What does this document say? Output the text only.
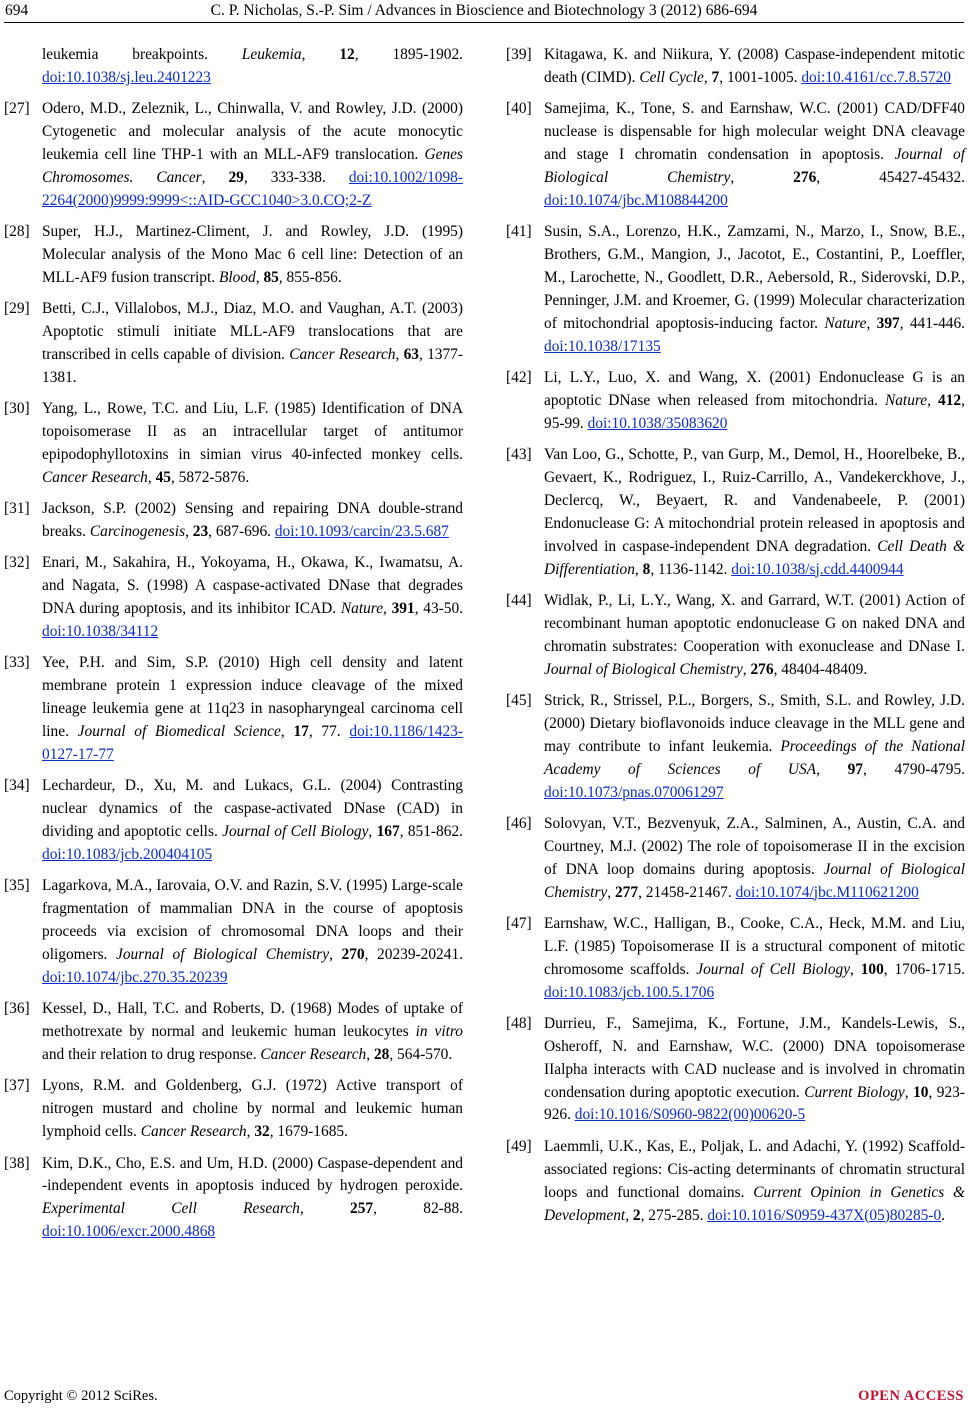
694	C. P. Nicholas, S.-P. Sim / Advances in Bioscience and Biotechnology 3 (2012) 686-694
leukemia breakpoints. Leukemia, 12, 1895-1902. doi:10.1038/sj.leu.2401223
[27] Odero, M.D., Zeleznik, L., Chinwalla, V. and Rowley, J.D. (2000) Cytogenetic and molecular analysis of the acute monocytic leukemia cell line THP-1 with an MLL-AF9 translocation. Genes Chromosomes. Cancer, 29, 333-338. doi:10.1002/1098-2264(2000)9999:9999<::AID-GCC1040>3.0.CO;2-Z
[28] Super, H.J., Martinez-Climent, J. and Rowley, J.D. (1995) Molecular analysis of the Mono Mac 6 cell line: Detection of an MLL-AF9 fusion transcript. Blood, 85, 855-856.
[29] Betti, C.J., Villalobos, M.J., Diaz, M.O. and Vaughan, A.T. (2003) Apoptotic stimuli initiate MLL-AF9 translocations that are transcribed in cells capable of division. Cancer Research, 63, 1377-1381.
[30] Yang, L., Rowe, T.C. and Liu, L.F. (1985) Identification of DNA topoisomerase II as an intracellular target of antitumor epipodophyllotoxins in simian virus 40-infected monkey cells. Cancer Research, 45, 5872-5876.
[31] Jackson, S.P. (2002) Sensing and repairing DNA double-strand breaks. Carcinogenesis, 23, 687-696. doi:10.1093/carcin/23.5.687
[32] Enari, M., Sakahira, H., Yokoyama, H., Okawa, K., Iwamatsu, A. and Nagata, S. (1998) A caspase-activated DNase that degrades DNA during apoptosis, and its inhibitor ICAD. Nature, 391, 43-50. doi:10.1038/34112
[33] Yee, P.H. and Sim, S.P. (2010) High cell density and latent membrane protein 1 expression induce cleavage of the mixed lineage leukemia gene at 11q23 in nasopharyngeal carcinoma cell line. Journal of Biomedical Science, 17, 77. doi:10.1186/1423-0127-17-77
[34] Lechardeur, D., Xu, M. and Lukacs, G.L. (2004) Contrasting nuclear dynamics of the caspase-activated DNase (CAD) in dividing and apoptotic cells. Journal of Cell Biology, 167, 851-862. doi:10.1083/jcb.200404105
[35] Lagarkova, M.A., Iarovaia, O.V. and Razin, S.V. (1995) Large-scale fragmentation of mammalian DNA in the course of apoptosis proceeds via excision of chromosomal DNA loops and their oligomers. Journal of Biological Chemistry, 270, 20239-20241. doi:10.1074/jbc.270.35.20239
[36] Kessel, D., Hall, T.C. and Roberts, D. (1968) Modes of uptake of methotrexate by normal and leukemic human leukocytes in vitro and their relation to drug response. Cancer Research, 28, 564-570.
[37] Lyons, R.M. and Goldenberg, G.J. (1972) Active transport of nitrogen mustard and choline by normal and leukemic human lymphoid cells. Cancer Research, 32, 1679-1685.
[38] Kim, D.K., Cho, E.S. and Um, H.D. (2000) Caspase-dependent and -independent events in apoptosis induced by hydrogen peroxide. Experimental Cell Research, 257, 82-88. doi:10.1006/excr.2000.4868
[39] Kitagawa, K. and Niikura, Y. (2008) Caspase-independent mitotic death (CIMD). Cell Cycle, 7, 1001-1005. doi:10.4161/cc.7.8.5720
[40] Samejima, K., Tone, S. and Earnshaw, W.C. (2001) CAD/DFF40 nuclease is dispensable for high molecular weight DNA cleavage and stage I chromatin condensation in apoptosis. Journal of Biological Chemistry, 276, 45427-45432. doi:10.1074/jbc.M108844200
[41] Susin, S.A., Lorenzo, H.K., Zamzami, N., Marzo, I., Snow, B.E., Brothers, G.M., Mangion, J., Jacotot, E., Costantini, P., Loeffler, M., Larochette, N., Goodlett, D.R., Aebersold, R., Siderovski, D.P., Penninger, J.M. and Kroemer, G. (1999) Molecular characterization of mitochondrial apoptosis-inducing factor. Nature, 397, 441-446. doi:10.1038/17135
[42] Li, L.Y., Luo, X. and Wang, X. (2001) Endonuclease G is an apoptotic DNase when released from mitochondria. Nature, 412, 95-99. doi:10.1038/35083620
[43] Van Loo, G., Schotte, P., van Gurp, M., Demol, H., Hoorelbeke, B., Gevaert, K., Rodriguez, I., Ruiz-Carrillo, A., Vandekerckhove, J., Declercq, W., Beyaert, R. and Vandenabeele, P. (2001) Endonuclease G: A mitochondrial protein released in apoptosis and involved in caspase-independent DNA degradation. Cell Death & Differentiation, 8, 1136-1142. doi:10.1038/sj.cdd.4400944
[44] Widlak, P., Li, L.Y., Wang, X. and Garrard, W.T. (2001) Action of recombinant human apoptotic endonuclease G on naked DNA and chromatin substrates: Cooperation with exonuclease and DNase I. Journal of Biological Chemistry, 276, 48404-48409.
[45] Strick, R., Strissel, P.L., Borgers, S., Smith, S.L. and Rowley, J.D. (2000) Dietary bioflavonoids induce cleavage in the MLL gene and may contribute to infant leukemia. Proceedings of the National Academy of Sciences of USA, 97, 4790-4795. doi:10.1073/pnas.070061297
[46] Solovyan, V.T., Bezvenyuk, Z.A., Salminen, A., Austin, C.A. and Courtney, M.J. (2002) The role of topoisomerase II in the excision of DNA loop domains during apoptosis. Journal of Biological Chemistry, 277, 21458-21467. doi:10.1074/jbc.M110621200
[47] Earnshaw, W.C., Halligan, B., Cooke, C.A., Heck, M.M. and Liu, L.F. (1985) Topoisomerase II is a structural component of mitotic chromosome scaffolds. Journal of Cell Biology, 100, 1706-1715. doi:10.1083/jcb.100.5.1706
[48] Durrieu, F., Samejima, K., Fortune, J.M., Kandels-Lewis, S., Osheroff, N. and Earnshaw, W.C. (2000) DNA topoisomerase IIalpha interacts with CAD nuclease and is involved in chromatin condensation during apoptotic execution. Current Biology, 10, 923-926. doi:10.1016/S0960-9822(00)00620-5
[49] Laemmli, U.K., Kas, E., Poljak, L. and Adachi, Y. (1992) Scaffold-associated regions: Cis-acting determinants of chromatin structural loops and functional domains. Current Opinion in Genetics & Development, 2, 275-285. doi:10.1016/S0959-437X(05)80285-0.
Copyright © 2012 SciRes.	OPEN ACCESS
